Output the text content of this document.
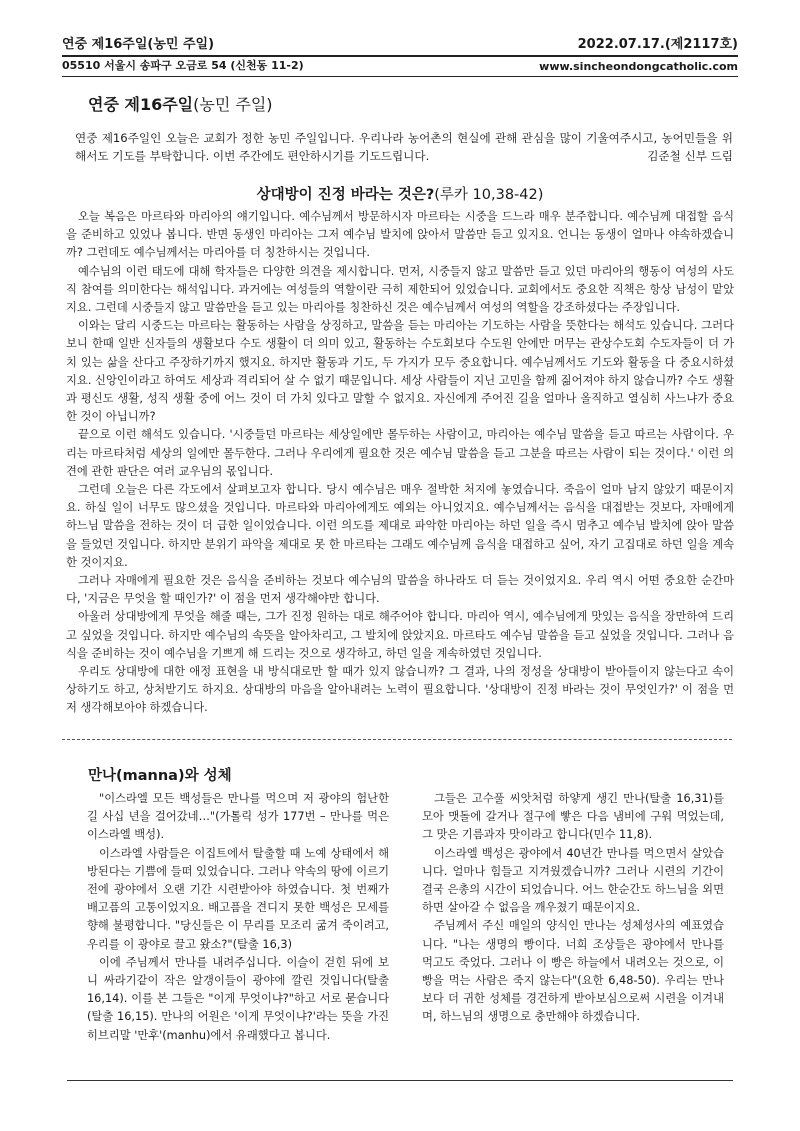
연중 제16주일(농민 주일)	2022.07.17.(제2117호)
05510 서울시 송파구 오금로 54 (신천동 11-2)	www.sincheondongcatholic.com
연중 제16주일(농민 주일)
연중 제16주일인 오늘은 교회가 정한 농민 주일입니다. 우리나라 농어촌의 현실에 관해 관심을 많이 기울여주시고, 농어민들을 위해서도 기도를 부탁합니다. 이번 주간에도 편안하시기를 기도드립니다.	김준철 신부 드림
상대방이 진정 바라는 것은?(루카 10,38-42)

오늘 복음은 마르타와 마리아의 얘기입니다. 예수님께서 방문하시자 마르타는 시중을 드느라 매우 분주합니다. 예수님께 대접할 음식을 준비하고 있었나 봅니다. 반면 동생인 마리아는 그저 예수님 발치에 앉아서 말씀만 듣고 있지요. 언니는 동생이 얼마나 야속하겠습니까? 그런데도 예수님께서는 마리아를 더 칭찬하시는 것입니다.

예수님의 이런 태도에 대해 학자들은 다양한 의견을 제시합니다. 먼저, 시중들지 않고 말씀만 듣고 있던 마리아의 행동이 여성의 사도직 참여를 의미한다는 해석입니다. 과거에는 여성들의 역할이란 극히 제한되어 있었습니다. 교회에서도 중요한 직책은 항상 남성이 맡았지요. 그런데 시중들지 않고 말씀만을 듣고 있는 마리아를 칭찬하신 것은 예수님께서 여성의 역할을 강조하셨다는 주장입니다.

이와는 달리 시중드는 마르타는 활동하는 사람을 상징하고, 말씀을 듣는 마리아는 기도하는 사람을 뜻한다는 해석도 있습니다. 그러다 보니 한때 일반 신자들의 생활보다 수도 생활이 더 의미 있고, 활동하는 수도회보다 수도원 안에만 머무는 관상수도회 수도자들이 더 가치 있는 삶을 산다고 주장하기까지 했지요. 하지만 활동과 기도, 두 가지가 모두 중요합니다. 예수님께서도 기도와 활동을 다 중요시하셨지요. 신앙인이라고 하여도 세상과 격리되어 살 수 없기 때문입니다. 세상 사람들이 지닌 고민을 함께 짊어져야 하지 않습니까? 수도 생활과 평신도 생활, 성직 생활 중에 어느 것이 더 가치 있다고 말할 수 없지요. 자신에게 주어진 길을 얼마나 올직하고 열심히 사느냐가 중요한 것이 아닙니까?

끝으로 이런 해석도 있습니다. '시중들던 마르타는 세상일에만 몰두하는 사람이고, 마리아는 예수님 말씀을 듣고 따르는 사람이다. 우리는 마르타처럼 세상의 일에만 몰두한다. 그러나 우리에게 필요한 것은 예수님 말씀을 듣고 그분을 따르는 사람이 되는 것이다.' 이런 의견에 관한 판단은 여러 교우님의 몫입니다.

그런데 오늘은 다른 각도에서 살펴보고자 합니다. 당시 예수님은 매우 절박한 처지에 놓였습니다. 죽음이 얼마 남지 않았기 때문이지요. 하실 일이 너무도 많으셨을 것입니다. 마르타와 마리아에게도 예외는 아니었지요. 예수님께서는 음식을 대접받는 것보다, 자매에게 하느님 말씀을 전하는 것이 더 급한 일이었습니다. 이런 의도를 제대로 파악한 마리아는 하던 일을 즉시 멈추고 예수님 발치에 앉아 말씀을 들었던 것입니다. 하지만 분위기 파악을 제대로 못 한 마르타는 그래도 예수님께 음식을 대접하고 싶어, 자기 고집대로 하던 일을 계속한 것이지요.

그러나 자매에게 필요한 것은 음식을 준비하는 것보다 예수님의 말씀을 하나라도 더 듣는 것이었지요. 우리 역시 어떤 중요한 순간마다, '지금은 무엇을 할 때인가?' 이 점을 먼저 생각해야만 합니다.

아울러 상대방에게 무엇을 해줄 때는, 그가 진정 원하는 대로 해주어야 합니다. 마리아 역시, 예수님에게 맛있는 음식을 장만하여 드리고 싶었을 것입니다. 하지만 예수님의 속뜻을 알아차리고, 그 발치에 앉았지요. 마르타도 예수님 말씀을 듣고 싶었을 것입니다. 그러나 음식을 준비하는 것이 예수님을 기쁘게 해 드리는 것으로 생각하고, 하던 일을 계속하였던 것입니다.

우리도 상대방에 대한 애정 표현을 내 방식대로만 할 때가 있지 않습니까? 그 결과, 나의 정성을 상대방이 받아들이지 않는다고 속이 상하기도 하고, 상처받기도 하지요. 상대방의 마음을 알아내려는 노력이 필요합니다. '상대방이 진정 바라는 것이 무엇인가?' 이 점을 먼저 생각해보아야 하겠습니다.

만나(manna)와 성체

"이스라엘 모든 백성들은 만나를 먹으며 저 광야의 험난한 길 사십 년을 걸어갔네…"(가톨릭 성가 177번 – 만나를 먹은 이스라엘 백성).

이스라엘 사람들은 이집트에서 탈출할 때 노예 상태에서 해방된다는 기쁨에 들떠 있었습니다. 그러나 약속의 땅에 이르기 전에 광야에서 오랜 기간 시련받아야 하였습니다. 첫 번째가 배고픔의 고통이었지요. 배고픔을 견디지 못한 백성은 모세를 향해 불평합니다. "당신들은 이 무리를 모조리 굶겨 죽이려고, 우리를 이 광야로 끌고 왔소?"(탈출 16,3)

이에 주님께서 만나를 내려주십니다. 이슬이 걷힌 뒤에 보니 싸라기같이 작은 알갱이들이 광야에 깔린 것입니다(탈출 16,14). 이를 본 그들은 "이게 무엇이냐?"하고 서로 묻습니다(탈출 16,15). 만나의 어원은 '이게 무엇이냐?'라는 뜻을 가진 히브리말 '만후'(manhu)에서 유래했다고 봅니다.

그들은 고수풀 씨앗처럼 하얗게 생긴 만나(탈출 16,31)를 모아 맷돌에 갈거나 절구에 빻은 다음 냄비에 구워 먹었는데, 그 맛은 기름과자 맛이라고 합니다(민수 11,8).

이스라엘 백성은 광야에서 40년간 만나를 먹으면서 살았습니다. 얼마나 힘들고 지겨웠겠습니까? 그러나 시련의 기간이 결국 은총의 시간이 되었습니다. 어느 한순간도 하느님을 외면하면 살아갈 수 없음을 깨우쳤기 때문이지요.

주님께서 주신 매일의 양식인 만나는 성체성사의 예표였습니다. "나는 생명의 빵이다. 너희 조상들은 광야에서 만나를 먹고도 죽었다. 그러나 이 빵은 하늘에서 내려오는 것으로, 이 빵을 먹는 사람은 죽지 않는다"(요한 6,48-50). 우리는 만나보다 더 귀한 성체를 경건하게 받아보심으로써 시련을 이겨내며, 하느님의 생명으로 충만해야 하겠습니다.
